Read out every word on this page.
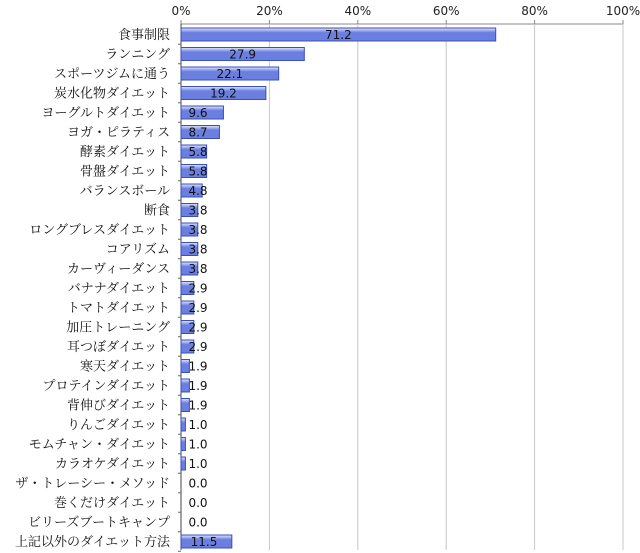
0%	20%	40%	60%	80%	100%
食事制限
ランニング
スポーツジムに通う
炭水化物ダイエット
ヨーグルトダイエット
ヨガ・ピラティス
酵素ダイエット
骨盤ダイエット
バランスボール
断食
ロングブレスダイエット
コアリズム
カーヴィーダンス
バナナダイエット
トマトダイエット
加圧トレーニング
耳つぼダイエット
寒天ダイエット
プロテインダイエット
背伸びダイエット
りんごダイエット
モムチャン・ダイエット
カラオケダイエット
ザ・トレーシー・メソッド
巻くだけダイエット
ビリーズブートキャンプ
上記以外のダイエット方法
71.2
27.9
22.1
19.2
9.6
8.7
5.8
5.8
4.8
3.8
3.8
3.8
3.8
2.9
2.9
2.9
2.9
1.9
1.9
1.9
1.0
1.0
1.0
0.0
0.0
0.0
11.5
